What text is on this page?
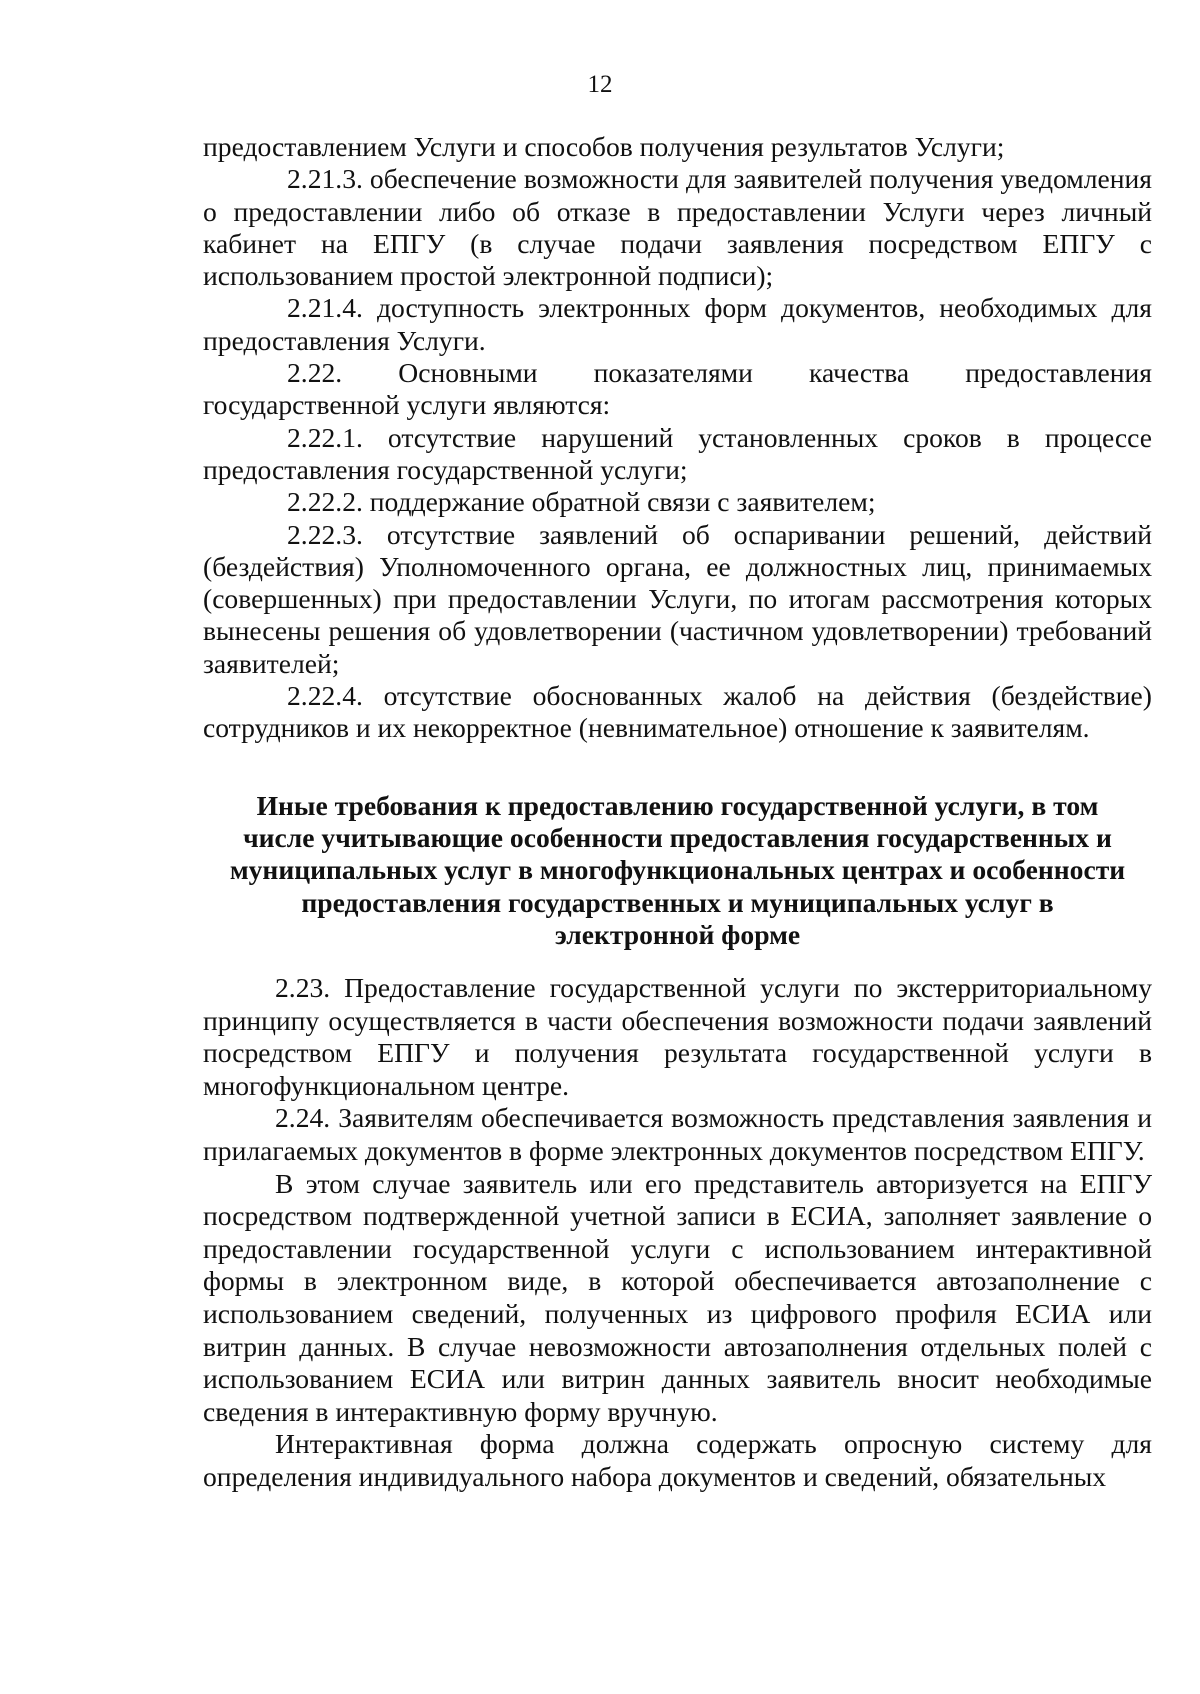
12

предоставлением Услуги и способов получения результатов Услуги;

2.21.3. обеспечение возможности для заявителей получения уведомления о предоставлении либо об отказе в предоставлении Услуги через личный кабинет на ЕПГУ (в случае подачи заявления посредством ЕПГУ с использованием простой электронной подписи);

2.21.4. доступность электронных форм документов, необходимых для предоставления Услуги.

2.22. Основными показателями качества предоставления государственной услуги являются:

2.22.1. отсутствие нарушений установленных сроков в процессе предоставления государственной услуги;

2.22.2. поддержание обратной связи с заявителем;

2.22.3. отсутствие заявлений об оспаривании решений, действий (бездействия) Уполномоченного органа, ее должностных лиц, принимаемых (совершенных) при предоставлении Услуги, по итогам рассмотрения которых вынесены решения об удовлетворении (частичном удовлетворении) требований заявителей;

2.22.4. отсутствие обоснованных жалоб на действия (бездействие) сотрудников и их некорректное (невнимательное) отношение к заявителям.

Иные требования к предоставлению государственной услуги, в том
числе учитывающие особенности предоставления государственных и
муниципальных услуг в многофункциональных центрах и особенности
предоставления государственных и муниципальных услуг в
электронной форме

2.23. Предоставление государственной услуги по экстерриториальному принципу осуществляется в части обеспечения возможности подачи заявлений посредством ЕПГУ и получения результата государственной услуги в многофункциональном центре.

2.24. Заявителям обеспечивается возможность представления заявления и прилагаемых документов в форме электронных документов посредством ЕПГУ.

В этом случае заявитель или его представитель авторизуется на ЕПГУ посредством подтвержденной учетной записи в ЕСИА, заполняет заявление о предоставлении государственной услуги с использованием интерактивной формы в электронном виде, в которой обеспечивается автозаполнение с использованием сведений, полученных из цифрового профиля ЕСИА или витрин данных. В случае невозможности автозаполнения отдельных полей с использованием ЕСИА или витрин данных заявитель вносит необходимые сведения в интерактивную форму вручную.

Интерактивная форма должна содержать опросную систему для определения индивидуального набора документов и сведений, обязательных
